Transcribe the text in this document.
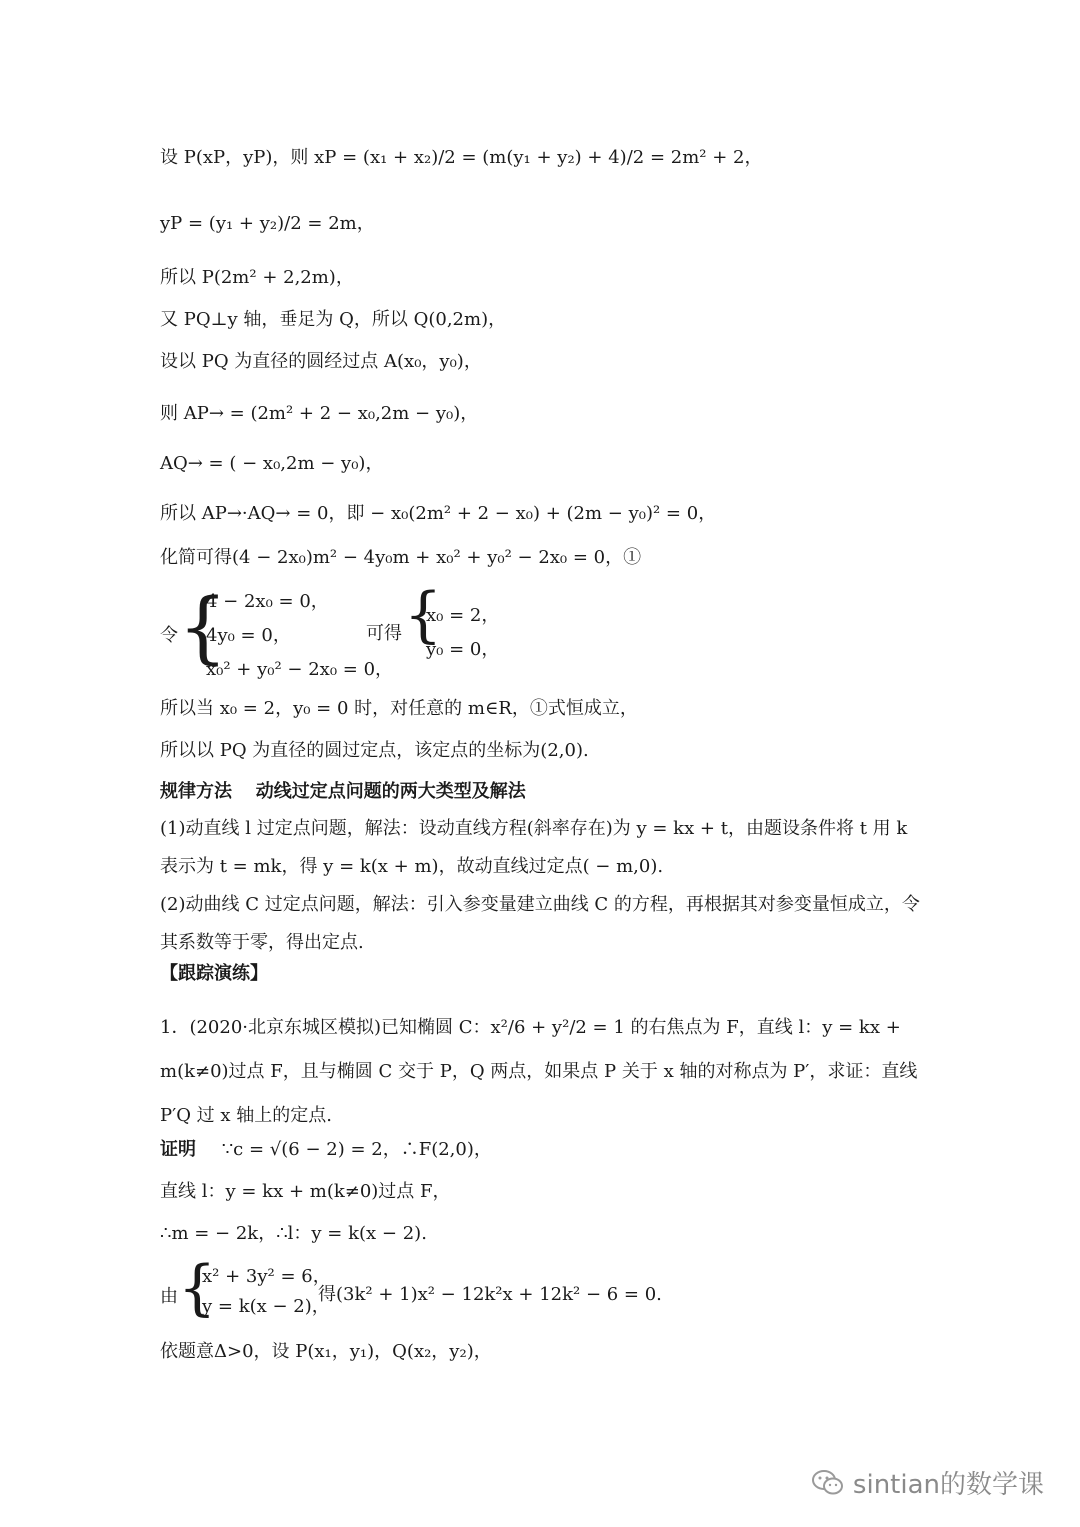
设 P(xP，yP)，则 xP = (x₁ + x₂)/2 = (m(y₁ + y₂) + 4)/2 = 2m² + 2，
yP = (y₁ + y₂)/2 = 2m，
所以 P(2m² + 2,2m)，
又 PQ⊥y 轴，垂足为 Q，所以 Q(0,2m)，
设以 PQ 为直径的圆经过点 A(x₀，y₀)，
则 AP→ = (2m² + 2 − x₀,2m − y₀)，
AQ→ = ( − x₀,2m − y₀)，
所以 AP→·AQ→ = 0，即 − x₀(2m² + 2 − x₀) + (2m − y₀)² = 0，
化简可得(4 − 2x₀)m² − 4y₀m + x₀² + y₀² − 2x₀ = 0，①
令 {
4 − 2x₀ = 0，
4y₀ = 0，
x₀² + y₀² − 2x₀ = 0，
可得 {
x₀ = 2，
y₀ = 0，
所以当 x₀ = 2，y₀ = 0 时，对任意的 m∈R，①式恒成立，
所以以 PQ 为直径的圆过定点，该定点的坐标为(2,0).
规律方法 动线过定点问题的两大类型及解法
(1)动直线 l 过定点问题，解法：设动直线方程(斜率存在)为 y = kx + t，由题设条件将 t 用 k 表示为 t = mk，得 y = k(x + m)，故动直线过定点( − m,0).
(2)动曲线 C 过定点问题，解法：引入参变量建立曲线 C 的方程，再根据其对参变量恒成立，令其系数等于零，得出定点.
【跟踪演练】
1．(2020·北京东城区模拟)已知椭圆 C：x²/6 + y²/2 = 1 的右焦点为 F，直线 l：y = kx + m(k≠0)过点 F，且与椭圆 C 交于 P，Q 两点，如果点 P 关于 x 轴的对称点为 P′，求证：直线 P′Q 过 x 轴上的定点.
证明 ∵c = √(6 − 2) = 2，∴F(2,0)，
直线 l：y = kx + m(k≠0)过点 F，
∴m = − 2k，∴l：y = k(x − 2).
由 {
x² + 3y² = 6，
y = k(x − 2)，
得(3k² + 1)x² − 12k²x + 12k² − 6 = 0.
依题意Δ>0，设 P(x₁，y₁)，Q(x₂，y₂)，
sintian的数学课
